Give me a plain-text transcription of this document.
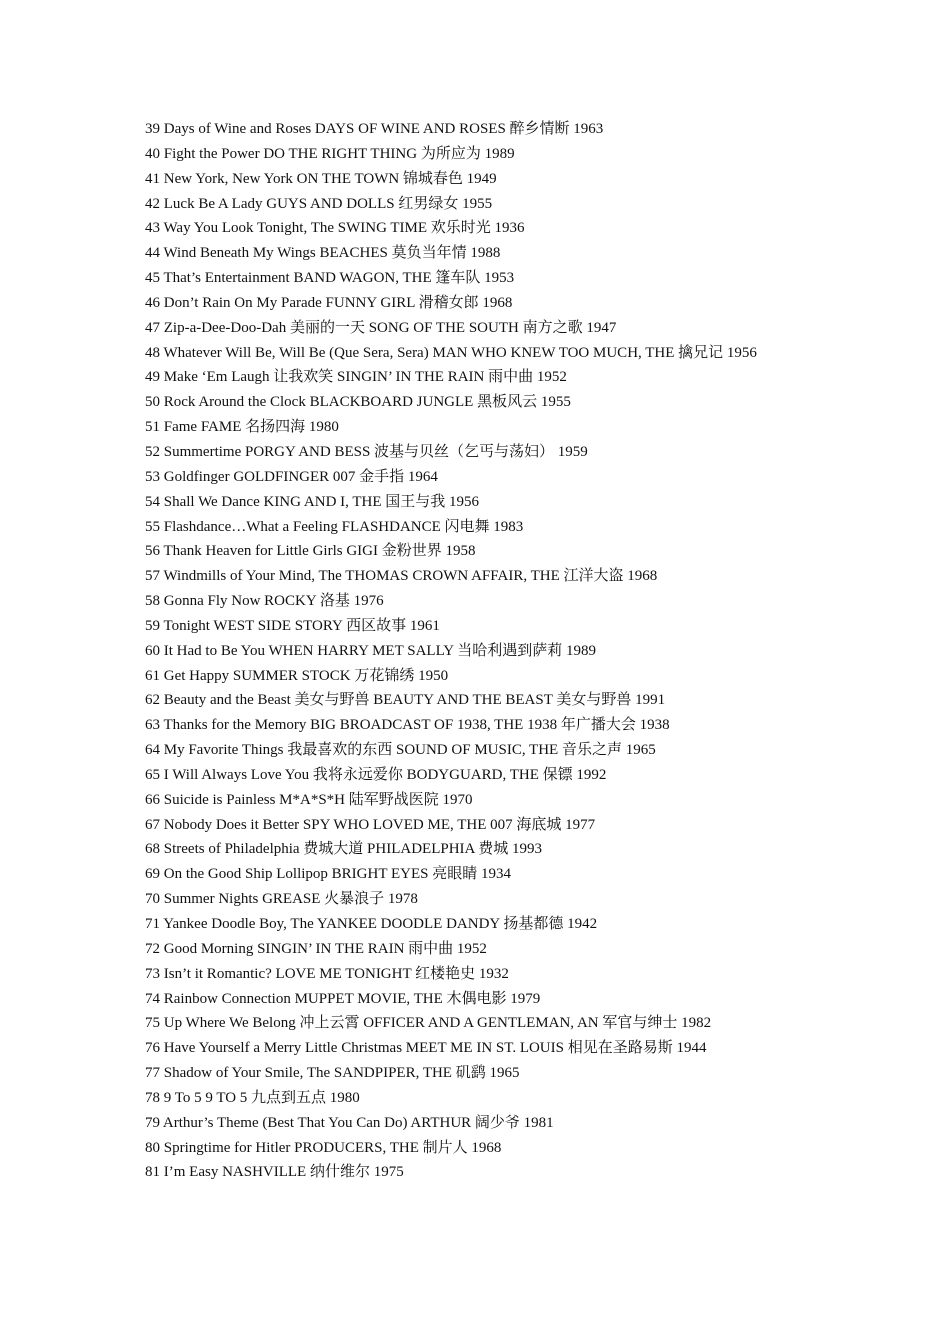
39 Days of Wine and Roses DAYS OF WINE AND ROSES 醉乡情断 1963
40 Fight the Power DO THE RIGHT THING 为所应为 1989
41 New York, New York ON THE TOWN 锦城春色 1949
42 Luck Be A Lady GUYS AND DOLLS 红男绿女 1955
43 Way You Look Tonight, The SWING TIME 欢乐时光 1936
44 Wind Beneath My Wings BEACHES 莫负当年情 1988
45 That’s Entertainment BAND WAGON, THE 篷车队 1953
46 Don’t Rain On My Parade FUNNY GIRL 滑稽女郎 1968
47 Zip-a-Dee-Doo-Dah 美丽的一天 SONG OF THE SOUTH 南方之歌 1947
48 Whatever Will Be, Will Be (Que Sera, Sera) MAN WHO KNEW TOO MUCH, THE 擒兄记 1956
49 Make ‘Em Laugh 让我欢笑 SINGIN’ IN THE RAIN 雨中曲 1952
50 Rock Around the Clock BLACKBOARD JUNGLE 黑板风云 1955
51 Fame FAME 名扬四海 1980
52 Summertime PORGY AND BESS 波基与贝丝（乞丐与荡妇） 1959
53 Goldfinger GOLDFINGER 007 金手指 1964
54 Shall We Dance KING AND I, THE 国王与我 1956
55 Flashdance…What a Feeling FLASHDANCE 闪电舞 1983
56 Thank Heaven for Little Girls GIGI 金粉世界 1958
57 Windmills of Your Mind, The THOMAS CROWN AFFAIR, THE 江洋大盗 1968
58 Gonna Fly Now ROCKY 洛基 1976
59 Tonight WEST SIDE STORY 西区故事 1961
60 It Had to Be You WHEN HARRY MET SALLY 当哈利遇到萨莉 1989
61 Get Happy SUMMER STOCK 万花锦绣 1950
62 Beauty and the Beast 美女与野兽 BEAUTY AND THE BEAST 美女与野兽 1991
63 Thanks for the Memory BIG BROADCAST OF 1938, THE 1938 年广播大会 1938
64 My Favorite Things 我最喜欢的东西 SOUND OF MUSIC, THE 音乐之声 1965
65 I Will Always Love You 我将永远爱你 BODYGUARD, THE 保镖 1992
66 Suicide is Painless M*A*S*H 陆军野战医院 1970
67 Nobody Does it Better SPY WHO LOVED ME, THE 007 海底城 1977
68 Streets of Philadelphia 费城大道 PHILADELPHIA 费城 1993
69 On the Good Ship Lollipop BRIGHT EYES 亮眼睛 1934
70 Summer Nights GREASE 火暴浪子 1978
71 Yankee Doodle Boy, The YANKEE DOODLE DANDY 扬基都德 1942
72 Good Morning SINGIN’ IN THE RAIN 雨中曲 1952
73 Isn’t it Romantic? LOVE ME TONIGHT 红楼艳史 1932
74 Rainbow Connection MUPPET MOVIE, THE 木偶电影 1979
75 Up Where We Belong 冲上云霄 OFFICER AND A GENTLEMAN, AN 军官与绅士 1982
76 Have Yourself a Merry Little Christmas MEET ME IN ST. LOUIS 相见在圣路易斯 1944
77 Shadow of Your Smile, The SANDPIPER, THE 矶鹞 1965
78 9 To 5 9 TO 5 九点到五点 1980
79 Arthur’s Theme (Best That You Can Do) ARTHUR 阔少爷 1981
80 Springtime for Hitler PRODUCERS, THE 制片人 1968
81 I’m Easy NASHVILLE 纳什维尔 1975
